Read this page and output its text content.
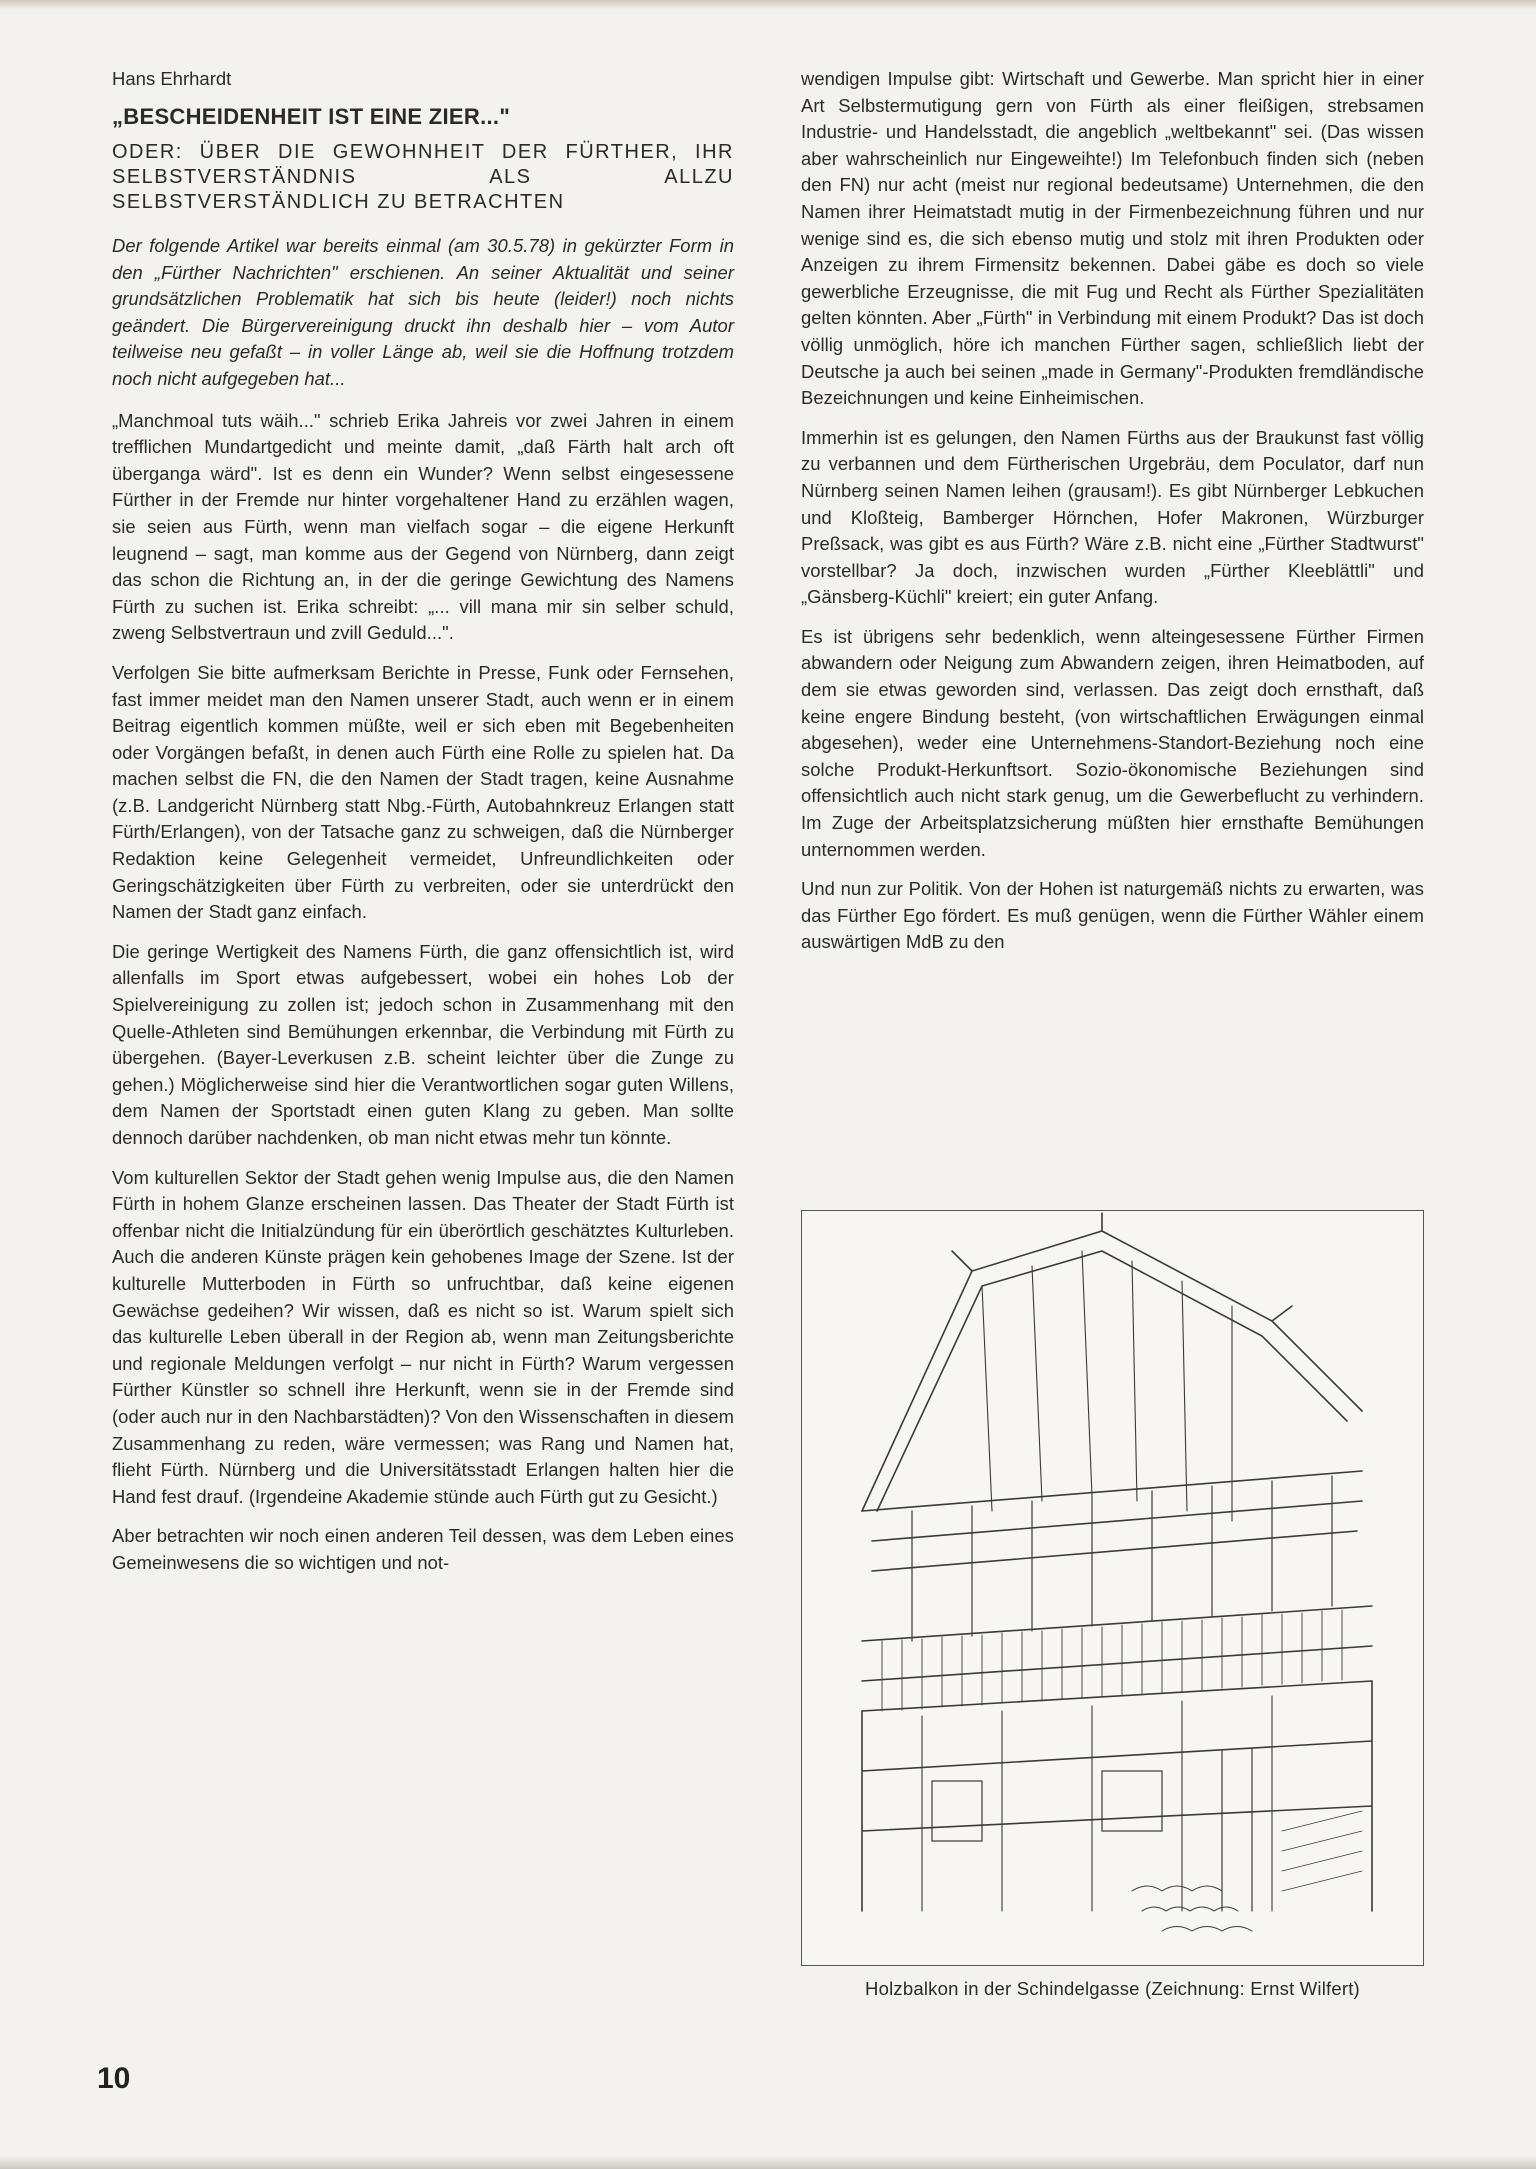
Hans Ehrhardt
„BESCHEIDENHEIT IST EINE ZIER..."
ODER: ÜBER DIE GEWOHNHEIT DER FÜRTHER, IHR SELBSTVERSTÄNDNIS ALS ALLZU SELBSTVERSTÄNDLICH ZU BETRACHTEN

Der folgende Artikel war bereits einmal (am 30.5.78) in gekürzter Form in den „Fürther Nachrichten" erschienen. An seiner Aktualität und seiner grundsätzlichen Problematik hat sich bis heute (leider!) noch nichts geändert. Die Bürgervereinigung druckt ihn deshalb hier – vom Autor teilweise neu gefaßt – in voller Länge ab, weil sie die Hoffnung trotzdem noch nicht aufgegeben hat...

„Manchmoal tuts wäih..." schrieb Erika Jahreis vor zwei Jahren in einem trefflichen Mundartgedicht und meinte damit, „daß Färth halt arch oft überganga wärd". Ist es denn ein Wunder? Wenn selbst eingesessene Fürther in der Fremde nur hinter vorgehaltener Hand zu erzählen wagen, sie seien aus Fürth, wenn man vielfach sogar – die eigene Herkunft leugnend – sagt, man komme aus der Gegend von Nürnberg, dann zeigt das schon die Richtung an, in der die geringe Gewichtung des Namens Fürth zu suchen ist. Erika schreibt: „... vill mana mir sin selber schuld, zweng Selbstvertraun und zvill Geduld...".

Verfolgen Sie bitte aufmerksam Berichte in Presse, Funk oder Fernsehen, fast immer meidet man den Namen unserer Stadt, auch wenn er in einem Beitrag eigentlich kommen müßte, weil er sich eben mit Begebenheiten oder Vorgängen befaßt, in denen auch Fürth eine Rolle zu spielen hat. Da machen selbst die FN, die den Namen der Stadt tragen, keine Ausnahme (z.B. Landgericht Nürnberg statt Nbg.-Fürth, Autobahnkreuz Erlangen statt Fürth/Erlangen), von der Tatsache ganz zu schweigen, daß die Nürnberger Redaktion keine Gelegenheit vermeidet, Unfreundlichkeiten oder Geringschätzigkeiten über Fürth zu verbreiten, oder sie unterdrückt den Namen der Stadt ganz einfach.

Die geringe Wertigkeit des Namens Fürth, die ganz offensichtlich ist, wird allenfalls im Sport etwas aufgebessert, wobei ein hohes Lob der Spielvereinigung zu zollen ist; jedoch schon in Zusammenhang mit den Quelle-Athleten sind Bemühungen erkennbar, die Verbindung mit Fürth zu übergehen. (Bayer-Leverkusen z.B. scheint leichter über die Zunge zu gehen.) Möglicherweise sind hier die Verantwortlichen sogar guten Willens, dem Namen der Sportstadt einen guten Klang zu geben. Man sollte dennoch darüber nachdenken, ob man nicht etwas mehr tun könnte.

Vom kulturellen Sektor der Stadt gehen wenig Impulse aus, die den Namen Fürth in hohem Glanze erscheinen lassen. Das Theater der Stadt Fürth ist offenbar nicht die Initialzündung für ein überörtlich geschätztes Kulturleben. Auch die anderen Künste prägen kein gehobenes Image der Szene. Ist der kulturelle Mutterboden in Fürth so unfruchtbar, daß keine eigenen Gewächse gedeihen? Wir wissen, daß es nicht so ist. Warum spielt sich das kulturelle Leben überall in der Region ab, wenn man Zeitungsberichte und regionale Meldungen verfolgt – nur nicht in Fürth? Warum vergessen Fürther Künstler so schnell ihre Herkunft, wenn sie in der Fremde sind (oder auch nur in den Nachbarstädten)? Von den Wissenschaften in diesem Zusammenhang zu reden, wäre vermessen; was Rang und Namen hat, flieht Fürth. Nürnberg und die Universitätsstadt Erlangen halten hier die Hand fest drauf. (Irgendeine Akademie stünde auch Fürth gut zu Gesicht.)

Aber betrachten wir noch einen anderen Teil dessen, was dem Leben eines Gemeinwesens die so wichtigen und not-

wendigen Impulse gibt: Wirtschaft und Gewerbe. Man spricht hier in einer Art Selbstermutigung gern von Fürth als einer fleißigen, strebsamen Industrie- und Handelsstadt, die angeblich „weltbekannt" sei. (Das wissen aber wahrscheinlich nur Eingeweihte!) Im Telefonbuch finden sich (neben den FN) nur acht (meist nur regional bedeutsame) Unternehmen, die den Namen ihrer Heimatstadt mutig in der Firmenbezeichnung führen und nur wenige sind es, die sich ebenso mutig und stolz mit ihren Produkten oder Anzeigen zu ihrem Firmensitz bekennen. Dabei gäbe es doch so viele gewerbliche Erzeugnisse, die mit Fug und Recht als Fürther Spezialitäten gelten könnten. Aber „Fürth" in Verbindung mit einem Produkt? Das ist doch völlig unmöglich, höre ich manchen Fürther sagen, schließlich liebt der Deutsche ja auch bei seinen „made in Germany"-Produkten fremdländische Bezeichnungen und keine Einheimischen.

Immerhin ist es gelungen, den Namen Fürths aus der Braukunst fast völlig zu verbannen und dem Fürtherischen Urgebräu, dem Poculator, darf nun Nürnberg seinen Namen leihen (grausam!). Es gibt Nürnberger Lebkuchen und Kloßteig, Bamberger Hörnchen, Hofer Makronen, Würzburger Preßsack, was gibt es aus Fürth? Wäre z.B. nicht eine „Fürther Stadtwurst" vorstellbar? Ja doch, inzwischen wurden „Fürther Kleeblättli" und „Gänsberg-Küchli" kreiert; ein guter Anfang.

Es ist übrigens sehr bedenklich, wenn alteingesessene Fürther Firmen abwandern oder Neigung zum Abwandern zeigen, ihren Heimatboden, auf dem sie etwas geworden sind, verlassen. Das zeigt doch ernsthaft, daß keine engere Bindung besteht, (von wirtschaftlichen Erwägungen einmal abgesehen), weder eine Unternehmens-Standort-Beziehung noch eine solche Produkt-Herkunftsort. Sozio-ökonomische Beziehungen sind offensichtlich auch nicht stark genug, um die Gewerbeflucht zu verhindern. Im Zuge der Arbeitsplatzsicherung müßten hier ernsthafte Bemühungen unternommen werden.

Und nun zur Politik. Von der Hohen ist naturgemäß nichts zu erwarten, was das Fürther Ego fördert. Es muß genügen, wenn die Fürther Wähler einem auswärtigen MdB zu den

Holzbalkon in der Schindelgasse (Zeichnung: Ernst Wilfert)
10
